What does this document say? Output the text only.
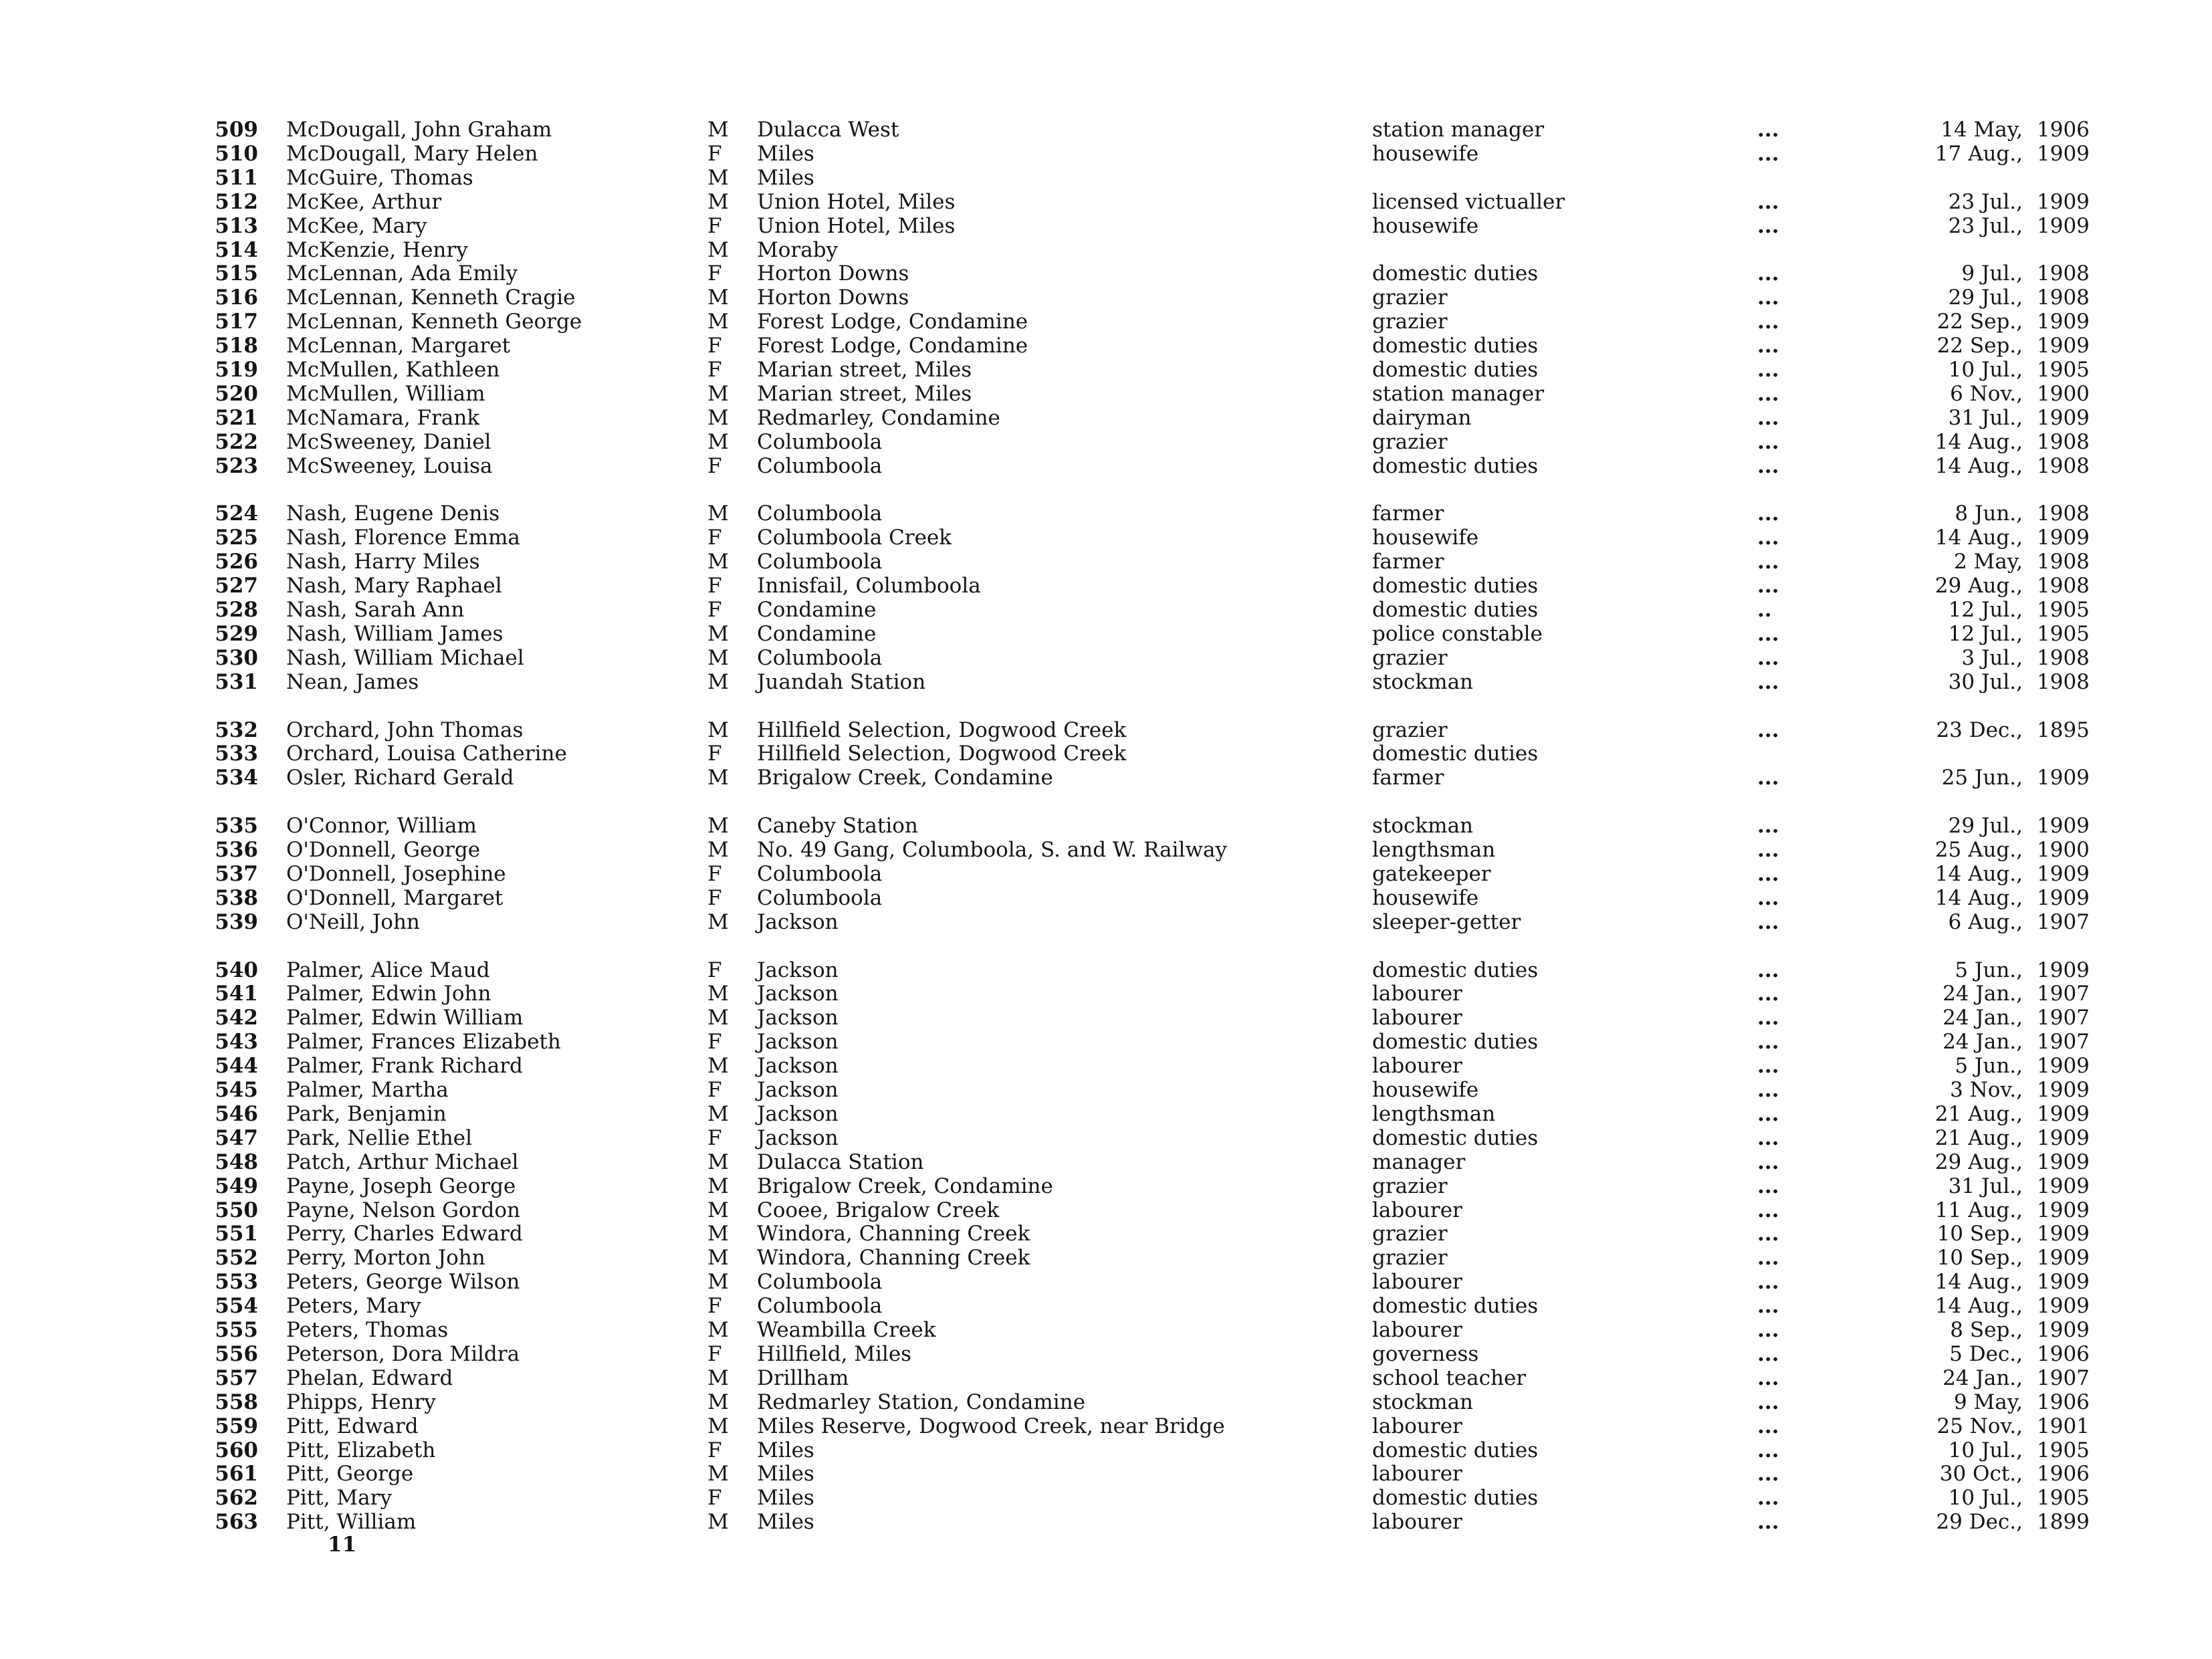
509 McDougall, John Graham	M Dulacca West	station manager	...	14 May, 1906
510 McDougall, Mary Helen	F Miles	housewife	...	17 Aug., 1909
511 McGuire, Thomas	M Miles
512 McKee, Arthur	M Union Hotel, Miles	licensed victualler	...	23 Jul., 1909
513 McKee, Mary	F Union Hotel, Miles	housewife	...	23 Jul., 1909
514 McKenzie, Henry	M Moraby
515 McLennan, Ada Emily	F Horton Downs	domestic duties	...	9 Jul., 1908
516 McLennan, Kenneth Cragie	M Horton Downs	grazier	...	29 Jul., 1908
517 McLennan, Kenneth George	M Forest Lodge, Condamine	grazier	...	22 Sep., 1909
518 McLennan, Margaret	F Forest Lodge, Condamine	domestic duties	...	22 Sep., 1909
519 McMullen, Kathleen	F Marian street, Miles	domestic duties	...	10 Jul., 1905
520 McMullen, William	M Marian street, Miles	station manager	...	6 Nov., 1900
521 McNamara, Frank	M Redmarley, Condamine	dairyman	...	31 Jul., 1909
522 McSweeney, Daniel	M Columboola	grazier	...	14 Aug., 1908
523 McSweeney, Louisa	F Columboola	domestic duties	...	14 Aug., 1908
524 Nash, Eugene Denis	M Columboola	farmer	...	8 Jun., 1908
525 Nash, Florence Emma	F Columboola Creek	housewife	...	14 Aug., 1909
526 Nash, Harry Miles	M Columboola	farmer	...	2 May, 1908
527 Nash, Mary Raphael	F Innisfail, Columboola	domestic duties	...	29 Aug., 1908
528 Nash, Sarah Ann	F Condamine	domestic duties	..	12 Jul., 1905
529 Nash, William James	M Condamine	police constable	...	12 Jul., 1905
530 Nash, William Michael	M Columboola	grazier	...	3 Jul., 1908
531 Nean, James	M Juandah Station	stockman	...	30 Jul., 1908
532 Orchard, John Thomas	M Hillfield Selection, Dogwood Creek	grazier	...	23 Dec., 1895
533 Orchard, Louisa Catherine	F Hillfield Selection, Dogwood Creek	domestic duties
534 Osler, Richard Gerald	M Brigalow Creek, Condamine	farmer	...	25 Jun., 1909
535 O'Connor, William	M Caneby Station	stockman	...	29 Jul., 1909
536 O'Donnell, George	M No. 49 Gang, Columboola, S. and W. Railway	lengthsman	...	25 Aug., 1900
537 O'Donnell, Josephine	F Columboola	gatekeeper	...	14 Aug., 1909
538 O'Donnell, Margaret	F Columboola	housewife	...	14 Aug., 1909
539 O'Neill, John	M Jackson	sleeper-getter	...	6 Aug., 1907
540 Palmer, Alice Maud	F Jackson	domestic duties	...	5 Jun., 1909
541 Palmer, Edwin John	M Jackson	labourer	...	24 Jan., 1907
542 Palmer, Edwin William	M Jackson	labourer	...	24 Jan., 1907
543 Palmer, Frances Elizabeth	F Jackson	domestic duties	...	24 Jan., 1907
544 Palmer, Frank Richard	M Jackson	labourer	...	5 Jun., 1909
545 Palmer, Martha	F Jackson	housewife	...	3 Nov., 1909
546 Park, Benjamin	M Jackson	lengthsman	...	21 Aug., 1909
547 Park, Nellie Ethel	F Jackson	domestic duties	...	21 Aug., 1909
548 Patch, Arthur Michael	M Dulacca Station	manager	...	29 Aug., 1909
549 Payne, Joseph George	M Brigalow Creek, Condamine	grazier	...	31 Jul., 1909
550 Payne, Nelson Gordon	M Cooee, Brigalow Creek	labourer	...	11 Aug., 1909
551 Perry, Charles Edward	M Windora, Channing Creek	grazier	...	10 Sep., 1909
552 Perry, Morton John	M Windora, Channing Creek	grazier	...	10 Sep., 1909
553 Peters, George Wilson	M Columboola	labourer	...	14 Aug., 1909
554 Peters, Mary	F Columboola	domestic duties	...	14 Aug., 1909
555 Peters, Thomas	M Weambilla Creek	labourer	...	8 Sep., 1909
556 Peterson, Dora Mildra	F Hillfield, Miles	governess	...	5 Dec., 1906
557 Phelan, Edward	M Drillham	school teacher	...	24 Jan., 1907
558 Phipps, Henry	M Redmarley Station, Condamine	stockman	...	9 May, 1906
559 Pitt, Edward	M Miles Reserve, Dogwood Creek, near Bridge	labourer	...	25 Nov., 1901
560 Pitt, Elizabeth	F Miles	domestic duties	...	10 Jul., 1905
561 Pitt, George	M Miles	labourer	...	30 Oct., 1906
562 Pitt, Mary	F Miles	domestic duties	...	10 Jul., 1905
563 Pitt, William	M Miles	labourer	...	29 Dec., 1899
11
